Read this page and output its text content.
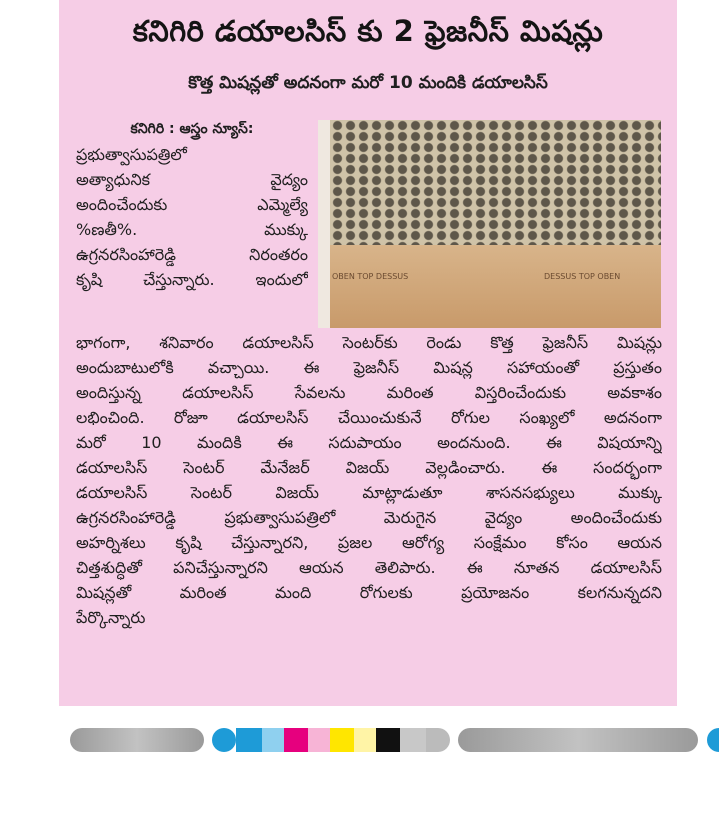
కనిగిరి డయాలసిస్ కు 2 ఫ్రెజనీస్ మిషన్లు
కొత్త మిషన్లతో అదనంగా మరో 10 మందికి డయాలసిస్
OBEN TOP DESSUS	DESSUS TOP OBEN
కనిగిరి : ఆస్త్రం న్యూస్:
ప్రభుత్వాసుపత్రిలో
అత్యాధునిక వైద్యం
అందించేందుకు ఎమ్మెల్యే
%ణతీ%. ముక్కు
ఉగ్రనరసింహారెడ్డి నిరంతరం
కృషి చేస్తున్నారు. ఇందులో
భాగంగా, శనివారం డయాలసిస్ సెంటర్‌కు రెండు కొత్త ఫ్రెజనీస్ మిషన్లు
అందుబాటులోకి వచ్చాయి. ఈ ఫ్రెజనీస్ మిషన్ల సహాయంతో ప్రస్తుతం
అందిస్తున్న డయాలసిస్ సేవలను మరింత విస్తరించేందుకు అవకాశం
లభించింది. రోజూ డయాలసిస్ చేయించుకునే రోగుల సంఖ్యలో అదనంగా
మరో 10 మందికి ఈ సదుపాయం అందనుంది. ఈ విషయాన్ని
డయాలసిస్ సెంటర్ మేనేజర్ విజయ్ వెల్లడించారు. ఈ సందర్భంగా
డయాలసిస్ సెంటర్ విజయ్ మాట్లాడుతూ శాసనసభ్యులు ముక్కు
ఉగ్రనరసింహారెడ్డి ప్రభుత్వాసుపత్రిలో మెరుగైన వైద్యం అందించేందుకు
అహర్నిశలు కృషి చేస్తున్నారని, ప్రజల ఆరోగ్య సంక్షేమం కోసం ఆయన
చిత్తశుద్ధితో పనిచేస్తున్నారని ఆయన తెలిపారు. ఈ నూతన డయాలసిస్
మిషన్లతో మరింత మంది రోగులకు ప్రయోజనం కలగనున్నదని
పేర్కొన్నారు
